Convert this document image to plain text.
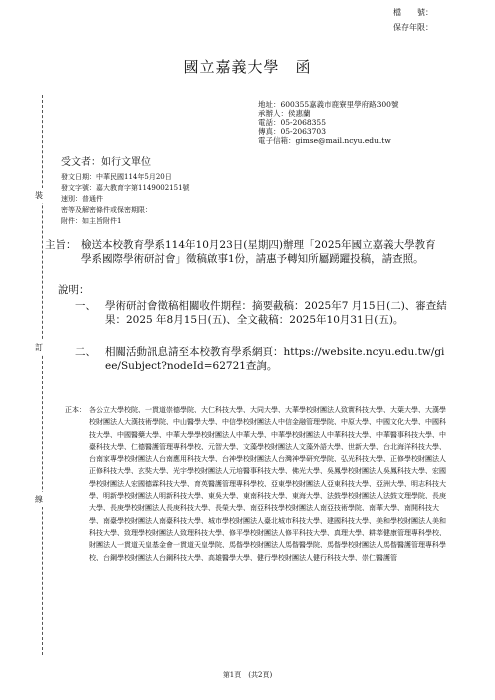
裝
訂
線
檔　　號：
保存年限：
國立嘉義大學　函
地址：600355嘉義市鹿寮里學府路300號
承辦人：侯惠蘭
電話：05-2068355
傳真：05-2063703
電子信箱：gimse@mail.ncyu.edu.tw
受文者：如行文單位
發文日期：中華民國114年5月20日
發文字號：嘉大教育字第1149002151號
速別：普通件
密等及解密條件或保密期限：
附件：如主旨附件1
主旨： 檢送本校教育學系114年10月23日(星期四)辦理「2025年國立嘉義大學教育學系國際學術研討會」徵稿啟事1份，請惠予轉知所屬踴躍投稿，請查照。
說明：
一、 學術研討會徵稿相關收件期程：摘要截稿：2025年7 月15日(二)、審查結果：2025 年8月15日(五)、全文截稿：2025年10月31日(五)。
二、 相關活動訊息請至本校教育學系網頁：https://website.ncyu.edu.tw/giee/Subject?nodeId=62721查詢。
正本： 各公立大學校院、一貫道崇德學院、大仁科技大學、大同大學、大華學校財團法人致實科技大學、大葉大學、大漢學校財團法人大漢技術學院、中山醫學大學、中信學校財團法人中信金融管理學院、中原大學、中國文化大學、中國科技大學、中國醫藥大學、中華大學學校財團法人中華大學、中華學校財團法人中華科技大學、中華醫事科技大學、中臺科技大學、仁德醫護管理專科學校、元智大學、文藻學校財團法人文藻外語大學、世新大學、台北海洋科技大學、台南家專學校財團法人台南應用科技大學、台神學校財團法人台灣神學研究學院、弘光科技大學、正修學校財團法人正修科技大學、玄奘大學、光宇學校財團法人元培醫事科技大學、佛光大學、吳鳳學校財團法人吳鳳科技大學、宏國學校財團法人宏國德霖科技大學、育英醫護管理專科學校、亞東學校財團法人亞東科技大學、亞洲大學、明志科技大學、明新學校財團法人明新科技大學、東吳大學、東南科技大學、東海大學、法鼓學校財團法人法鼓文理學院、長庚大學、長庚學校財團法人長庚科技大學、長榮大學、南亞科技學校財團法人南亞技術學院、南華大學、南開科技大學、南臺學校財團法人南臺科技大學、城市學校財團法人臺北城市科技大學、建國科技大學、美和學校財團法人美和科技大學、致理學校財團法人致理科技大學、修平學校財團法人修平科技大學、真理大學、耕莘健康管理專科學校、財團法人一貫道天皇基金會一貫道天皇學院、馬偕學校財團法人馬偕醫學院、馬偕學校財團法人馬偕醫護管理專科學校、台鋼學校財團法人台鋼科技大學、高雄醫學大學、健行學校財團法人健行科技大學、崇仁醫護管
第1頁　(共2頁)
